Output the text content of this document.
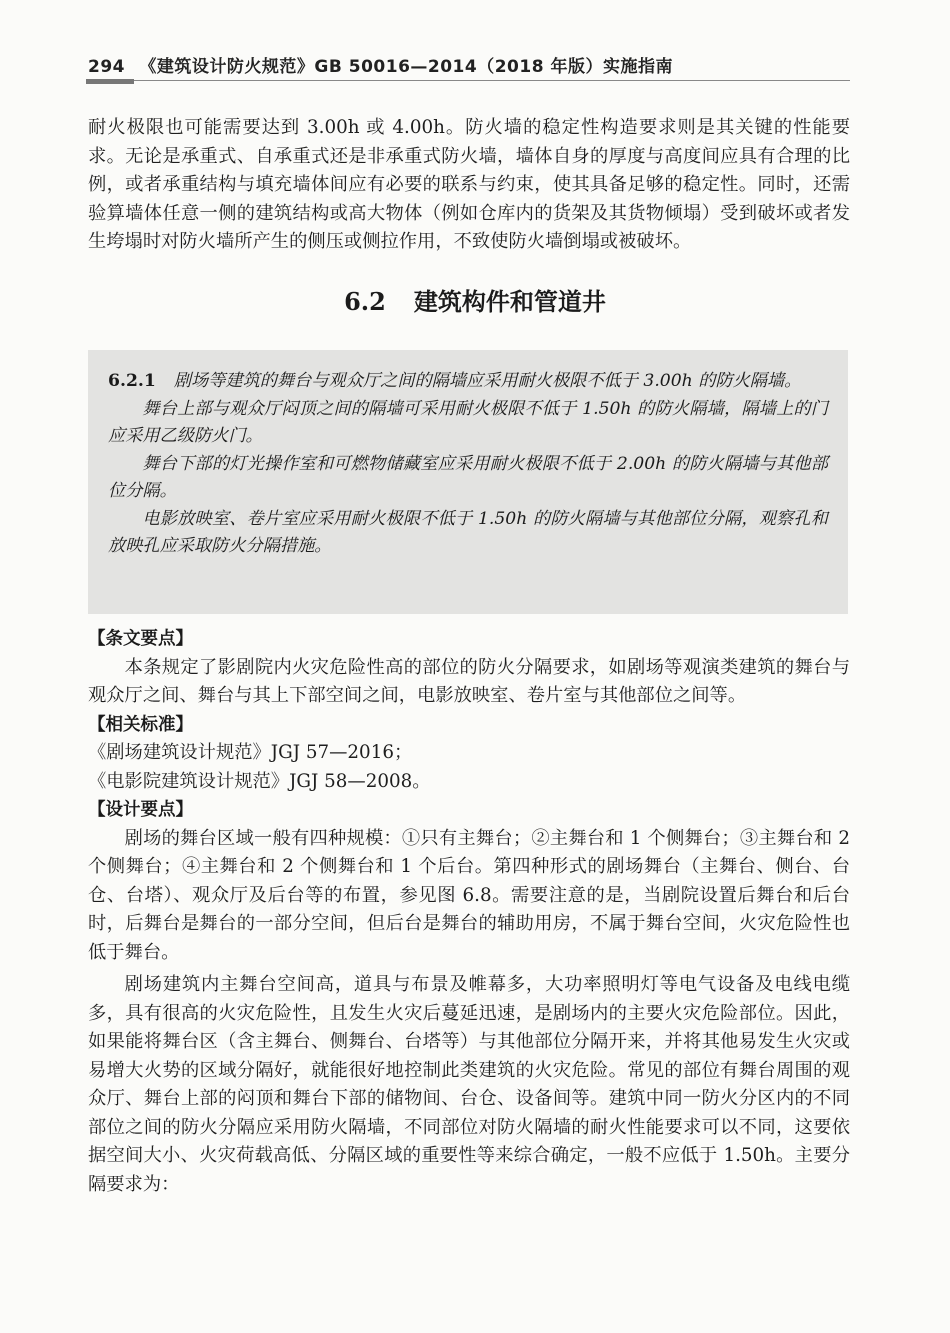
294 《建筑设计防火规范》GB 50016—2014（2018 年版）实施指南

耐火极限也可能需要达到 3.00h 或 4.00h。防火墙的稳定性构造要求则是其关键的性能要求。无论是承重式、自承重式还是非承重式防火墙，墙体自身的厚度与高度间应具有合理的比例，或者承重结构与填充墙体间应有必要的联系与约束，使其具备足够的稳定性。同时，还需验算墙体任意一侧的建筑结构或高大物体（例如仓库内的货架及其货物倾塌）受到破坏或者发生垮塌时对防火墙所产生的侧压或侧拉作用，不致使防火墙倒塌或被破坏。

6.2 建筑构件和管道井

6.2.1 剧场等建筑的舞台与观众厅之间的隔墙应采用耐火极限不低于 3.00h 的防火隔墙。

舞台上部与观众厅闷顶之间的隔墙可采用耐火极限不低于 1.50h 的防火隔墙，隔墙上的门应采用乙级防火门。

舞台下部的灯光操作室和可燃物储藏室应采用耐火极限不低于 2.00h 的防火隔墙与其他部位分隔。

电影放映室、卷片室应采用耐火极限不低于 1.50h 的防火隔墙与其他部位分隔，观察孔和放映孔应采取防火分隔措施。

【条文要点】

本条规定了影剧院内火灾危险性高的部位的防火分隔要求，如剧场等观演类建筑的舞台与观众厅之间、舞台与其上下部空间之间，电影放映室、卷片室与其他部位之间等。

【相关标准】

《剧场建筑设计规范》JGJ 57—2016；

《电影院建筑设计规范》JGJ 58—2008。

【设计要点】

剧场的舞台区域一般有四种规模：①只有主舞台；②主舞台和 1 个侧舞台；③主舞台和 2 个侧舞台；④主舞台和 2 个侧舞台和 1 个后台。第四种形式的剧场舞台（主舞台、侧台、台仓、台塔）、观众厅及后台等的布置，参见图 6.8。需要注意的是，当剧院设置后舞台和后台时，后舞台是舞台的一部分空间，但后台是舞台的辅助用房，不属于舞台空间，火灾危险性也低于舞台。

剧场建筑内主舞台空间高，道具与布景及帷幕多，大功率照明灯等电气设备及电线电缆多，具有很高的火灾危险性，且发生火灾后蔓延迅速，是剧场内的主要火灾危险部位。因此，如果能将舞台区（含主舞台、侧舞台、台塔等）与其他部位分隔开来，并将其他易发生火灾或易增大火势的区域分隔好，就能很好地控制此类建筑的火灾危险。常见的部位有舞台周围的观众厅、舞台上部的闷顶和舞台下部的储物间、台仓、设备间等。建筑中同一防火分区内的不同部位之间的防火分隔应采用防火隔墙，不同部位对防火隔墙的耐火性能要求可以不同，这要依据空间大小、火灾荷载高低、分隔区域的重要性等来综合确定，一般不应低于 1.50h。主要分隔要求为：
